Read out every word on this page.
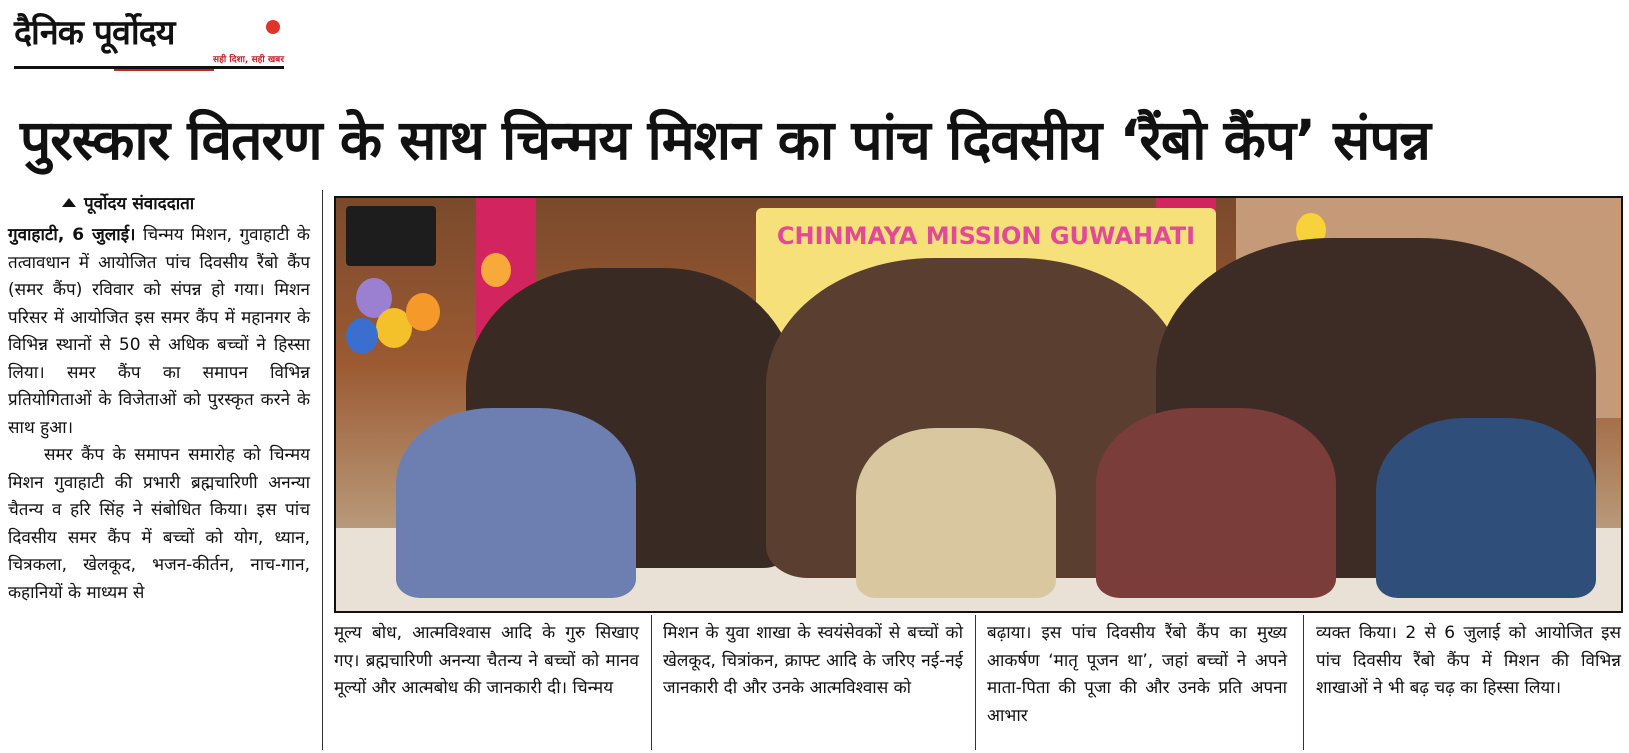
दैनिक पूर्वोदय
सही दिशा, सही खबर
पुरस्कार वितरण के साथ चिन्मय मिशन का पांच दिवसीय ‘रैंबो कैंप’ संपन्न
पूर्वोदय संवाददाता

गुवाहाटी, 6 जुलाई। चिन्मय मिशन, गुवाहाटी के तत्वावधान में आयोजित पांच दिवसीय रैंबो कैंप (समर कैंप) रविवार को संपन्न हो गया। मिशन परिसर में आयोजित इस समर कैंप में महानगर के विभिन्न स्थानों से 50 से अधिक बच्चों ने हिस्सा लिया। समर कैंप का समापन विभिन्न प्रतियोगिताओं के विजेताओं को पुरस्कृत करने के साथ हुआ।

समर कैंप के समापन समारोह को चिन्मय मिशन गुवाहाटी की प्रभारी ब्रह्मचारिणी अनन्या चैतन्य व हरि सिंह ने संबोधित किया। इस पांच दिवसीय समर कैंप में बच्चों को योग, ध्यान, चित्रकला, खेलकूद, भजन-कीर्तन, नाच-गान, कहानियों के माध्यम से

CHINMAYA MISSION GUWAHATI
मूल्य बोध, आत्मविश्वास आदि के गुरु सिखाए गए। ब्रह्मचारिणी अनन्या चैतन्य ने बच्चों को मानव मूल्यों और आत्मबोध की जानकारी दी। चिन्मय
मिशन के युवा शाखा के स्वयंसेवकों से बच्चों को खेलकूद, चित्रांकन, क्राफ्ट आदि के जरिए नई-नई जानकारी दी और उनके आत्मविश्वास को
बढ़ाया। इस पांच दिवसीय रैंबो कैंप का मुख्य आकर्षण ‘मातृ पूजन था’, जहां बच्चों ने अपने माता-पिता की पूजा की और उनके प्रति अपना आभार
व्यक्त किया। 2 से 6 जुलाई को आयोजित इस पांच दिवसीय रैंबो कैंप में मिशन की विभिन्न शाखाओं ने भी बढ़ चढ़ का हिस्सा लिया।
